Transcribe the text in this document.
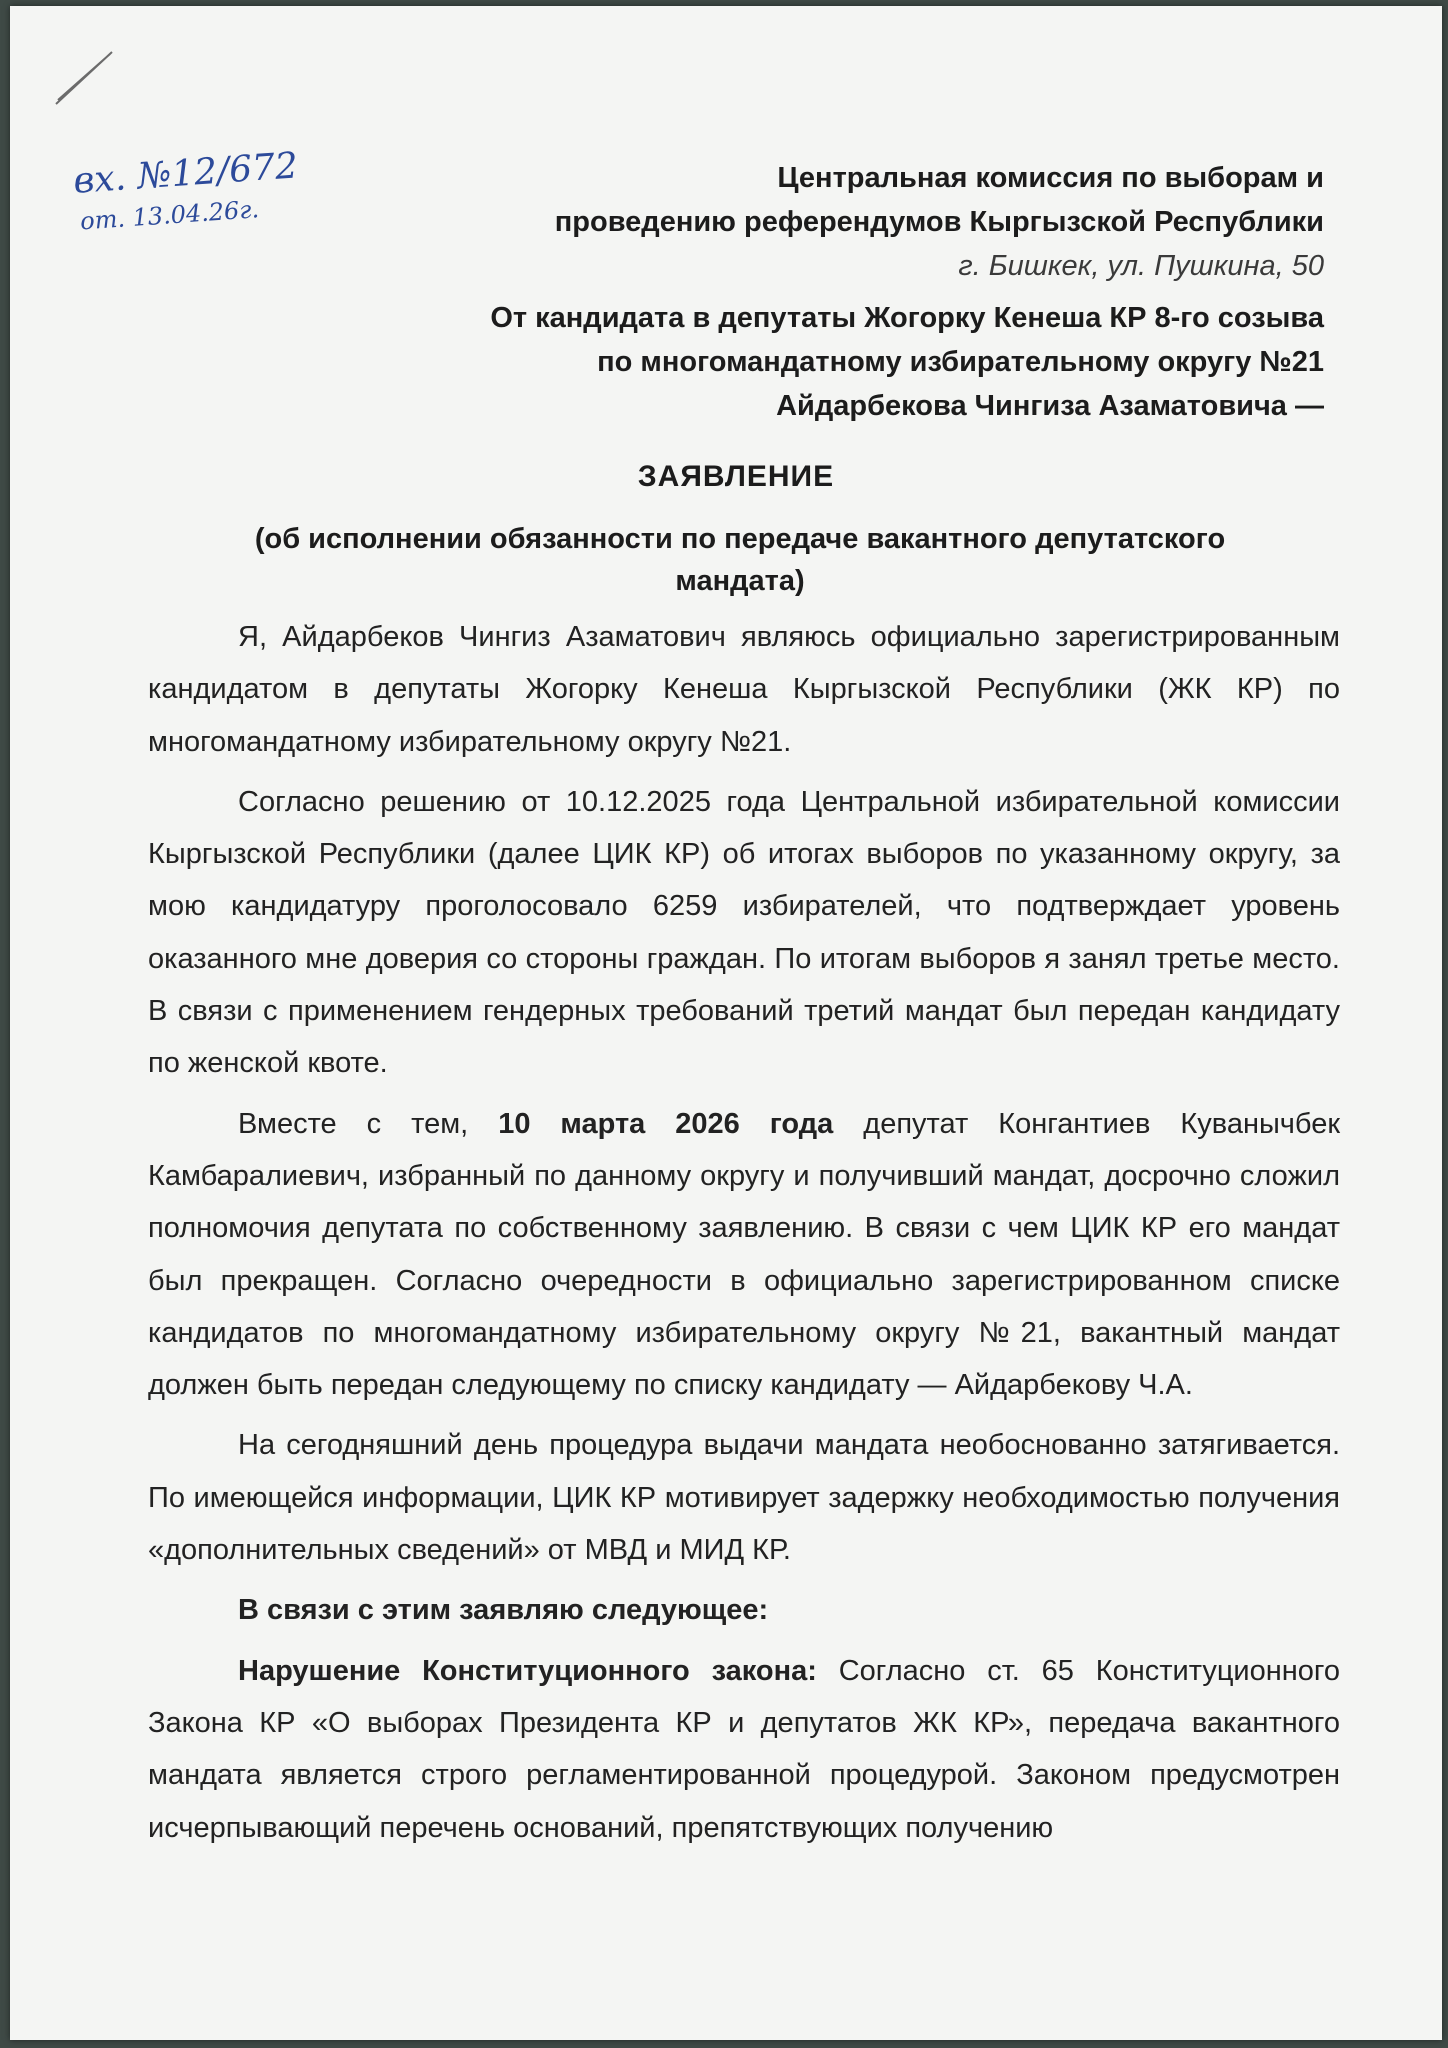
вх. №12/672
от. 13.04.26г.
Центральная комиссия по выборам и
проведению референдумов Кыргызской Республики
г. Бишкек, ул. Пушкина, 50
От кандидата в депутаты Жогорку Кенеша КР 8-го созыва
по многомандатному избирательному округу №21
Айдарбекова Чингиза Азаматовича —
ЗАЯВЛЕНИЕ
(об исполнении обязанности по передаче вакантного депутатского мандата)

Я, Айдарбеков Чингиз Азаматович являюсь официально зарегистрированным кандидатом в депутаты Жогорку Кенеша Кыргызской Республики (ЖК КР) по многомандатному избирательному округу №21.

Согласно решению от 10.12.2025 года Центральной избирательной комиссии Кыргызской Республики (далее ЦИК КР) об итогах выборов по указанному округу, за мою кандидатуру проголосовало 6259 избирателей, что подтверждает уровень оказанного мне доверия со стороны граждан. По итогам выборов я занял третье место. В связи с применением гендерных требований третий мандат был передан кандидату по женской квоте.

Вместе с тем, 10 марта 2026 года депутат Конгантиев Куванычбек Камбаралиевич, избранный по данному округу и получивший мандат, досрочно сложил полномочия депутата по собственному заявлению. В связи с чем ЦИК КР его мандат был прекращен. Согласно очередности в официально зарегистрированном списке кандидатов по многомандатному избирательному округу №21, вакантный мандат должен быть передан следующему по списку кандидату — Айдарбекову Ч.А.

На сегодняшний день процедура выдачи мандата необоснованно затягивается. По имеющейся информации, ЦИК КР мотивирует задержку необходимостью получения «дополнительных сведений» от МВД и МИД КР.

В связи с этим заявляю следующее:

Нарушение Конституционного закона: Согласно ст. 65 Конституционного Закона КР «О выборах Президента КР и депутатов ЖК КР», передача вакантного мандата является строго регламентированной процедурой. Законом предусмотрен исчерпывающий перечень оснований, препятствующих получению
